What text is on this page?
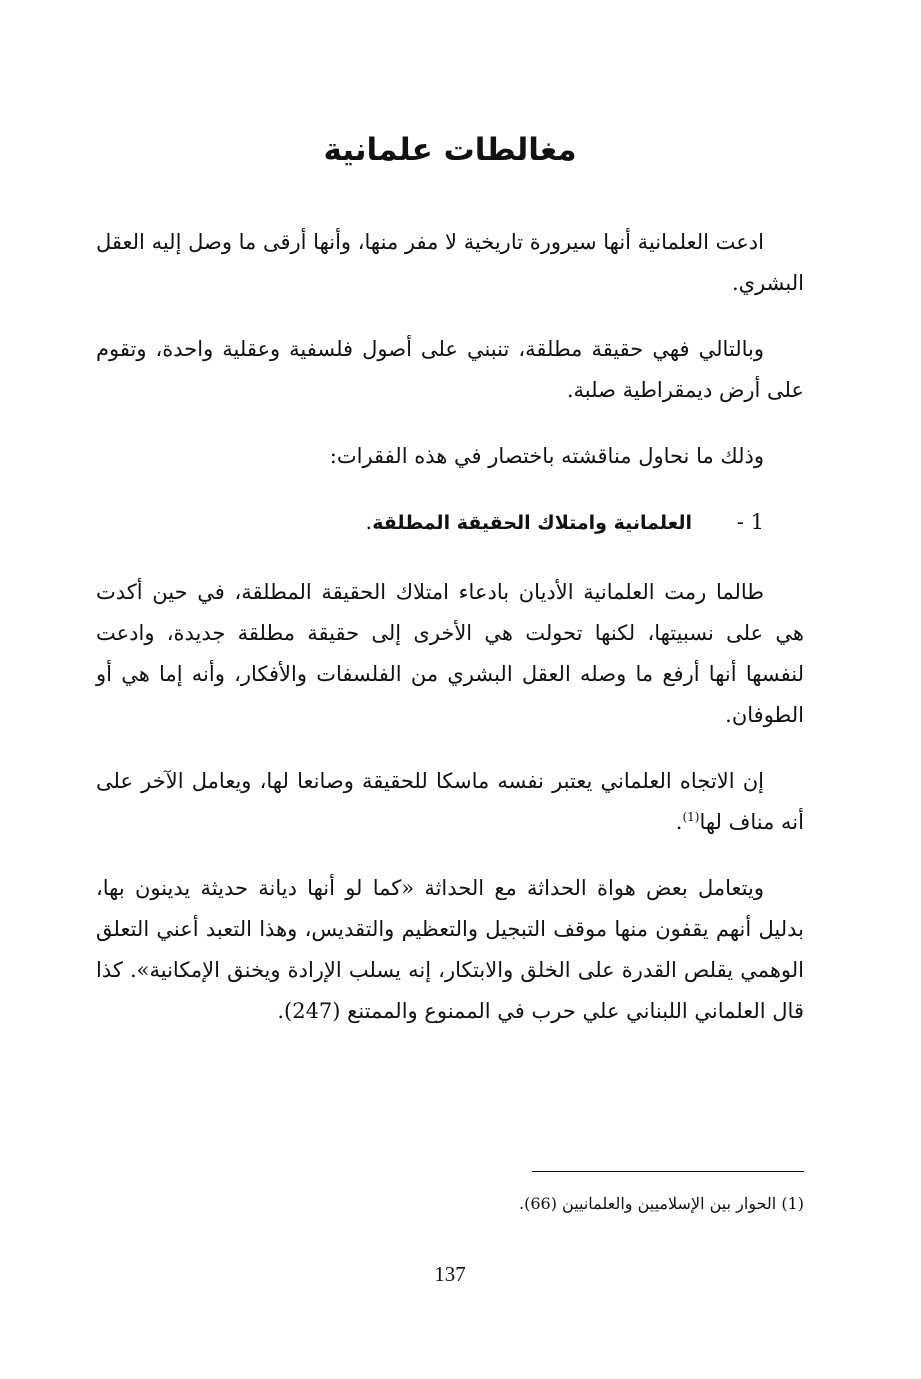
مغالطات علمانية

ادعت العلمانية أنها سيرورة تاريخية لا مفر منها، وأنها أرقى ما وصل إليه العقل البشري.

وبالتالي فهي حقيقة مطلقة، تنبني على أصول فلسفية وعقلية واحدة، وتقوم على أرض ديمقراطية صلبة.

وذلك ما نحاول مناقشته باختصار في هذه الفقرات:

1 -العلمانية وامتلاك الحقيقة المطلقة.

طالما رمت العلمانية الأديان بادعاء امتلاك الحقيقة المطلقة، في حين أكدت هي على نسبيتها، لكنها تحولت هي الأخرى إلى حقيقة مطلقة جديدة، وادعت لنفسها أنها أرفع ما وصله العقل البشري من الفلسفات والأفكار، وأنه إما هي أو الطوفان.

إن الاتجاه العلماني يعتبر نفسه ماسكا للحقيقة وصانعا لها، ويعامل الآخر على أنه مناف لها$^{(1)}$.

ويتعامل بعض هواة الحداثة مع الحداثة «كما لو أنها ديانة حديثة يدينون بها، بدليل أنهم يقفون منها موقف التبجيل والتعظيم والتقديس، وهذا التعبد أعني التعلق الوهمي يقلص القدرة على الخلق والابتكار، إنه يسلب الإرادة ويخنق الإمكانية». كذا قال العلماني اللبناني علي حرب في الممنوع والممتنع (247).

(1) الحوار بين الإسلاميين والعلمانيين (66).

137
